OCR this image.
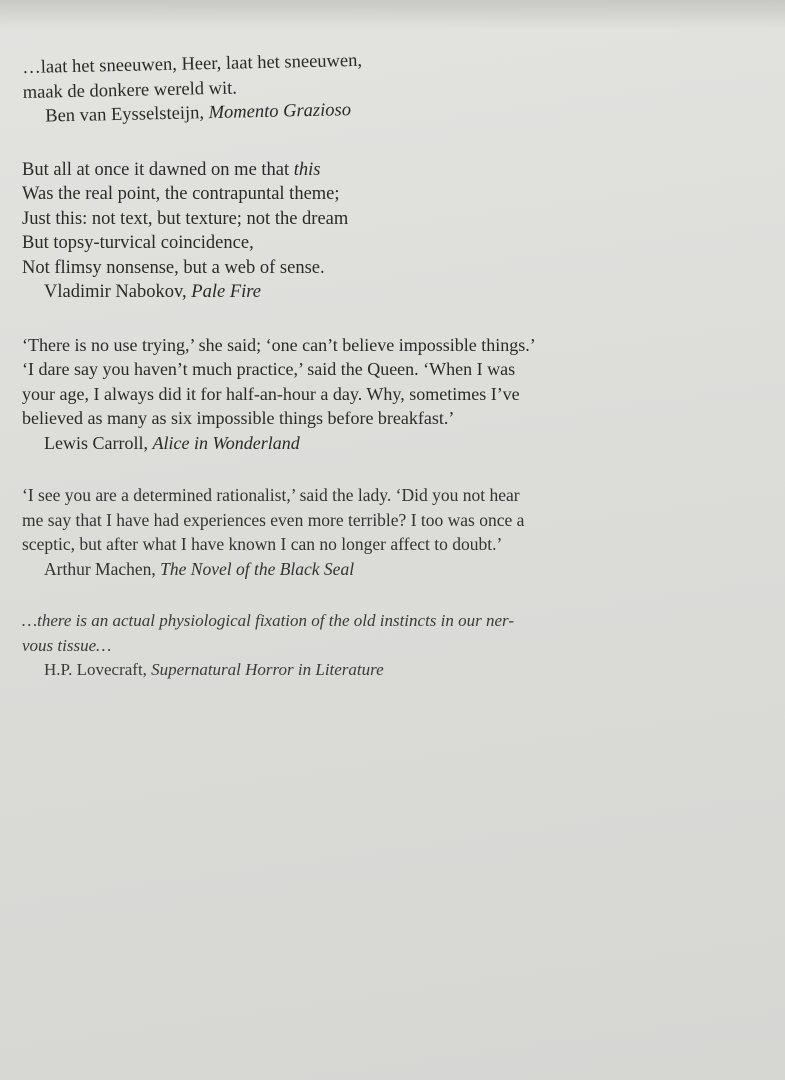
…laat het sneeuwen, Heer, laat het sneeuwen,
maak de donkere wereld wit.
Ben van Eysselsteijn, Momento Grazioso
But all at once it dawned on me that this
Was the real point, the contrapuntal theme;
Just this: not text, but texture; not the dream
But topsy-turvical coincidence,
Not flimsy nonsense, but a web of sense.
Vladimir Nabokov, Pale Fire
‘There is no use trying,’ she said; ‘one can’t believe impossible things.’
‘I dare say you haven’t much practice,’ said the Queen. ‘When I was
your age, I always did it for half-an-hour a day. Why, sometimes I’ve
believed as many as six impossible things before breakfast.’
Lewis Carroll, Alice in Wonderland
‘I see you are a determined rationalist,’ said the lady. ‘Did you not hear
me say that I have had experiences even more terrible? I too was once a
sceptic, but after what I have known I can no longer affect to doubt.’
Arthur Machen, The Novel of the Black Seal
…there is an actual physiological fixation of the old instincts in our ner-
vous tissue…
H.P. Lovecraft, Supernatural Horror in Literature
